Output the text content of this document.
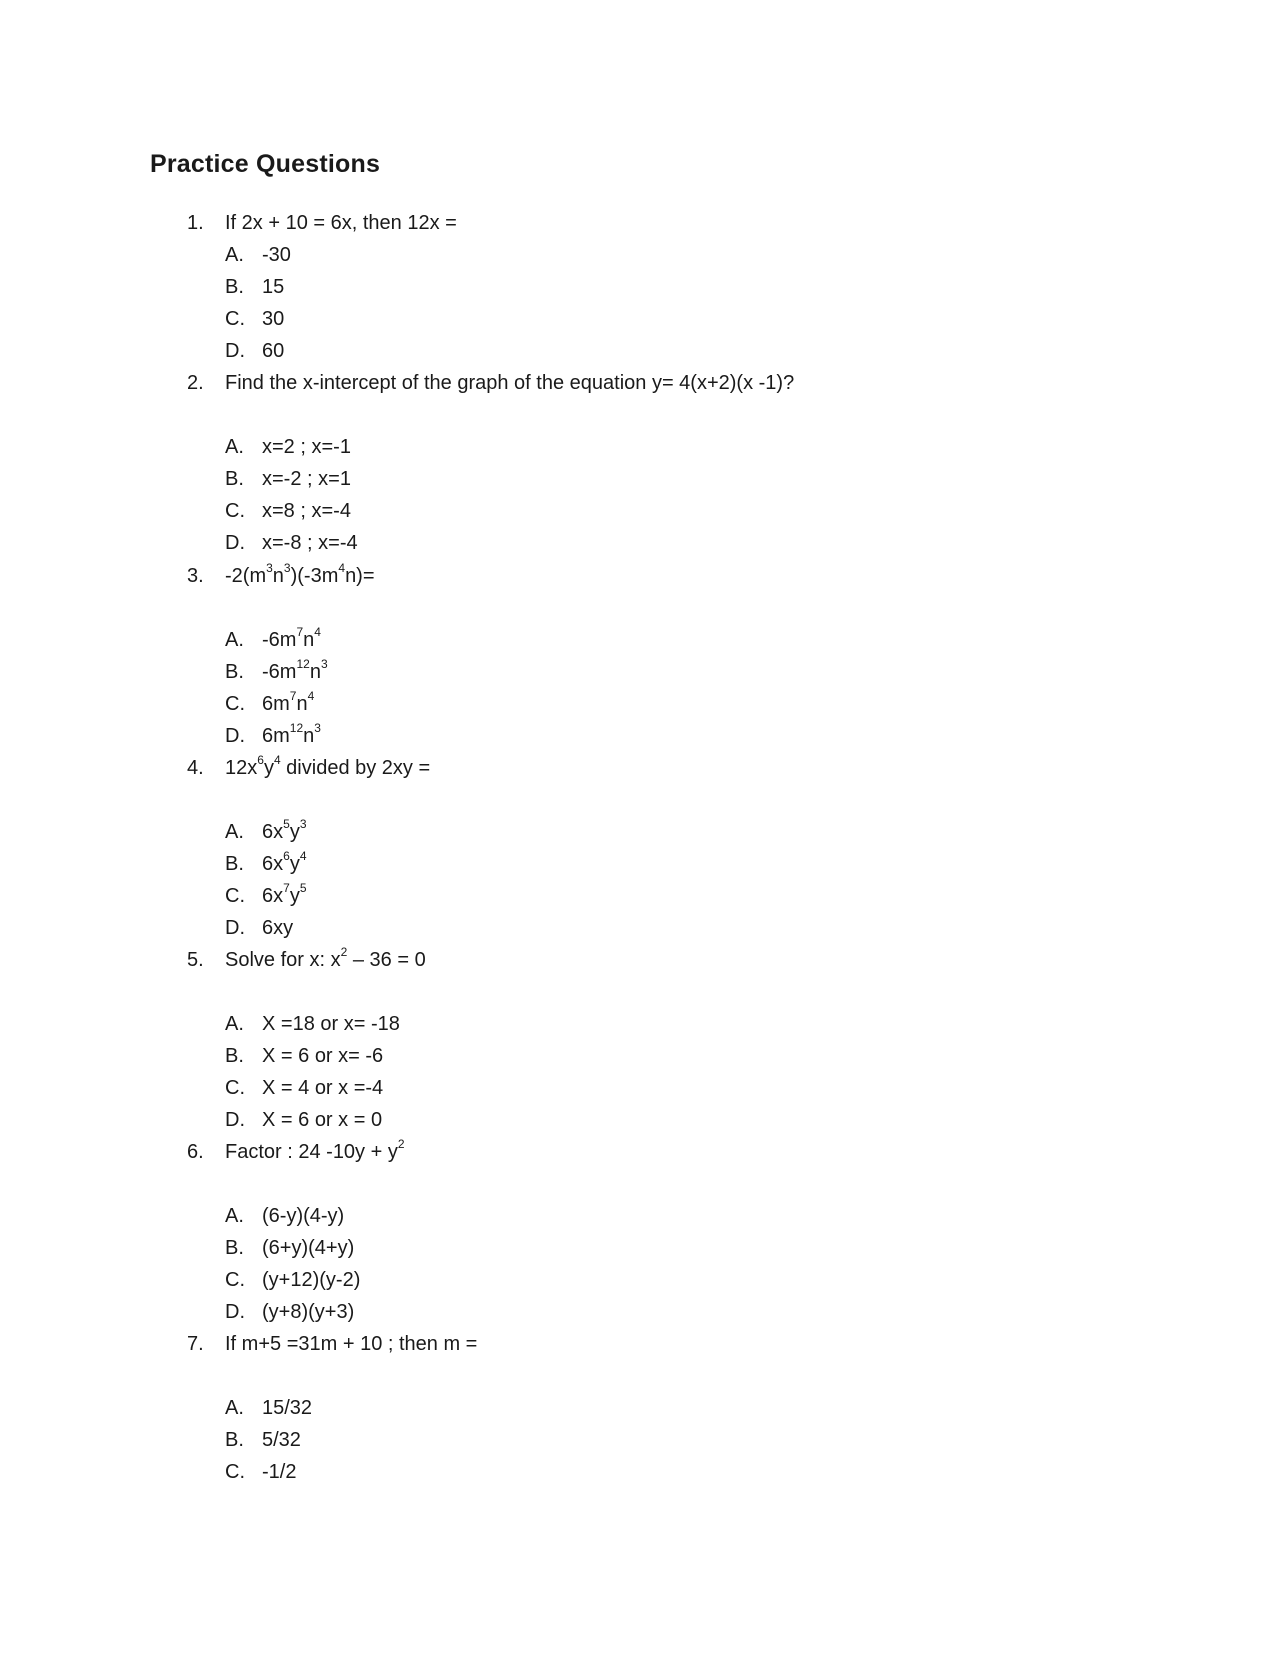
Practice Questions
1.	If 2x + 10 = 6x, then 12x =
A. -30
B. 15
C. 30
D. 60
2.	Find the x-intercept of the graph of the equation y= 4(x+2)(x -1)?
A. x=2 ; x=-1
B. x=-2 ; x=1
C. x=8 ; x=-4
D. x=-8 ; x=-4
3.	$-2(m^3n^3)(-3m^4n)=$
A. $-6m^7n^4$
B. $-6m^{12}n^3$
C. $6m^7n^4$
D. $6m^{12}n^3$
4.	$12x^6y^4$ divided by 2xy =
A. $6x^5y^3$
B. $6x^6y^4$
C. $6x^7y^5$
D. 6xy
5.	Solve for x: $x^2 - 36 = 0$
A. X =18 or x= -18
B. X = 6 or x= -6
C. X = 4 or x =-4
D. X = 6 or x = 0
6.	Factor : 24 $-10y + y^2$
A. (6-y)(4-y)
B. (6+y)(4+y)
C. (y+12)(y-2)
D. (y+8)(y+3)
7.	If m+5 =31m + 10 ; then m =
A. 15/32
B. 5/32
C. -1/2
